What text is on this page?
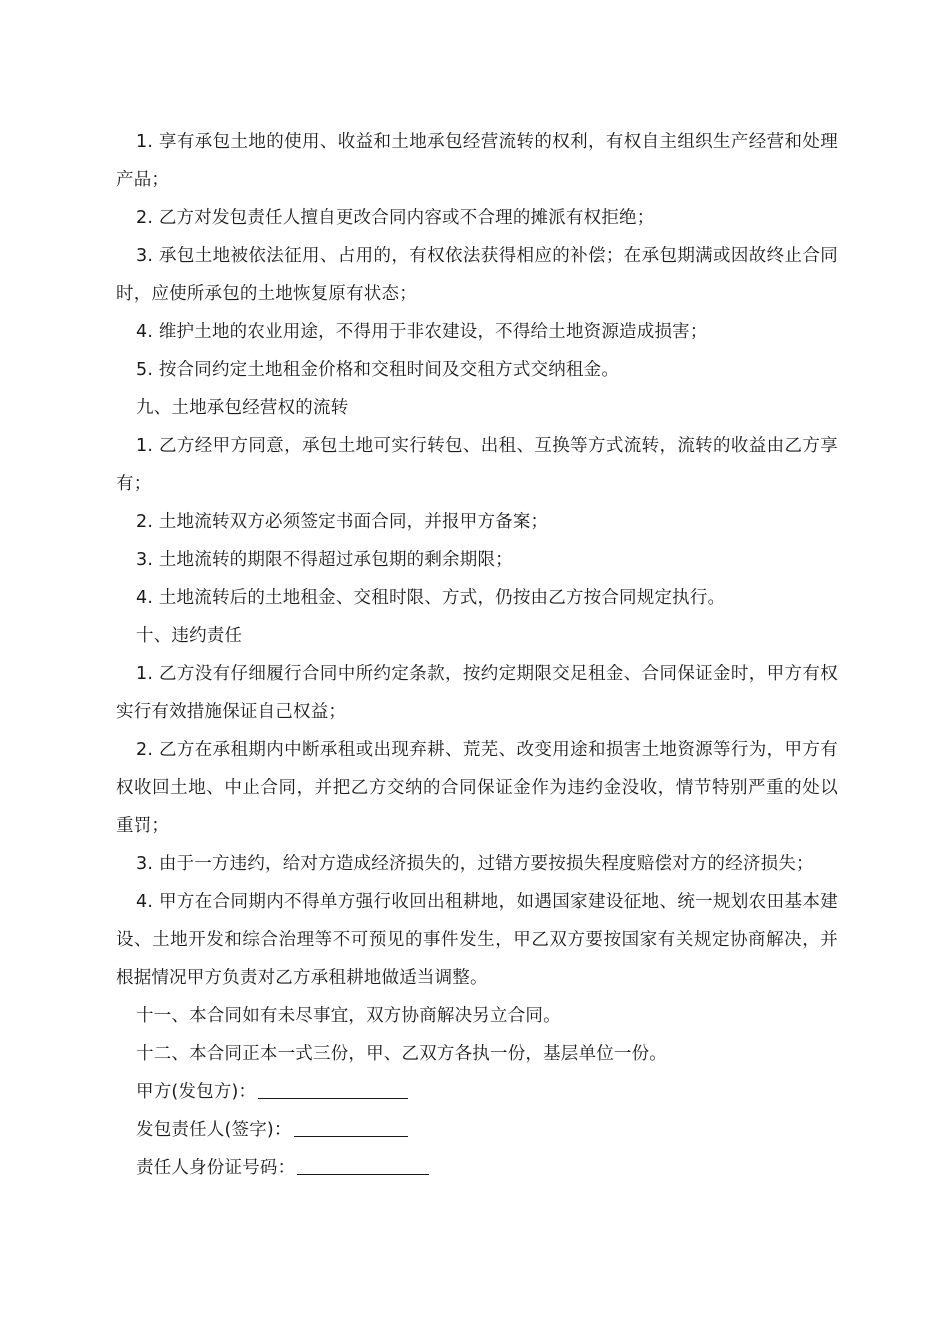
1. 享有承包土地的使用、收益和土地承包经营流转的权利，有权自主组织生产经营和处理产品；

2. 乙方对发包责任人擅自更改合同内容或不合理的摊派有权拒绝；

3. 承包土地被依法征用、占用的，有权依法获得相应的补偿；在承包期满或因故终止合同时，应使所承包的土地恢复原有状态；

4. 维护土地的农业用途，不得用于非农建设，不得给土地资源造成损害；

5. 按合同约定土地租金价格和交租时间及交租方式交纳租金。

九、土地承包经营权的流转

1. 乙方经甲方同意，承包土地可实行转包、出租、互换等方式流转，流转的收益由乙方享有；

2. 土地流转双方必须签定书面合同，并报甲方备案；

3. 土地流转的期限不得超过承包期的剩余期限；

4. 土地流转后的土地租金、交租时限、方式，仍按由乙方按合同规定执行。

十、违约责任

1. 乙方没有仔细履行合同中所约定条款，按约定期限交足租金、合同保证金时，甲方有权实行有效措施保证自己权益；

2. 乙方在承租期内中断承租或出现弃耕、荒芜、改变用途和损害土地资源等行为，甲方有权收回土地、中止合同，并把乙方交纳的合同保证金作为违约金没收，情节特别严重的处以重罚；

3. 由于一方违约，给对方造成经济损失的，过错方要按损失程度赔偿对方的经济损失；

4. 甲方在合同期内不得单方强行收回出租耕地，如遇国家建设征地、统一规划农田基本建设、土地开发和综合治理等不可预见的事件发生，甲乙双方要按国家有关规定协商解决，并根据情况甲方负责对乙方承租耕地做适当调整。

十一、本合同如有未尽事宜，双方协商解决另立合同。

十二、本合同正本一式三份，甲、乙双方各执一份，基层单位一份。

甲方(发包方)：

发包责任人(签字)：

责任人身份证号码：
